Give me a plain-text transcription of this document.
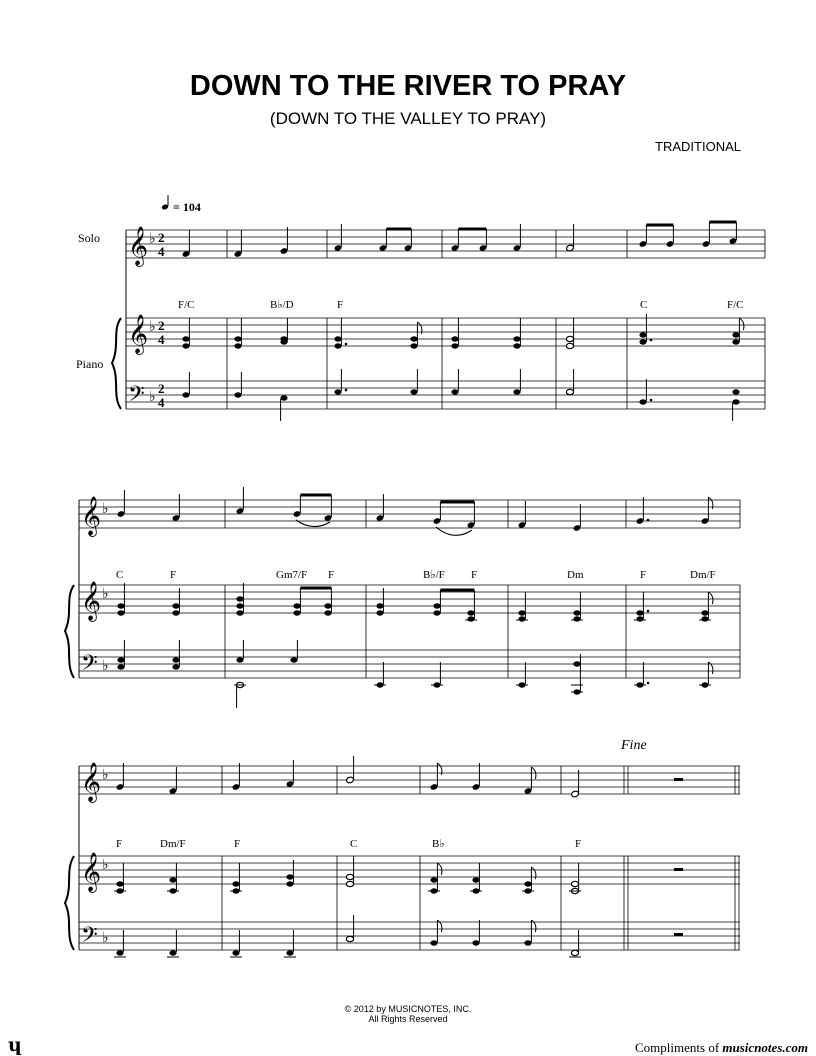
DOWN TO THE RIVER TO PRAY
(DOWN TO THE VALLEY TO PRAY)
TRADITIONAL
= 104
Solo
Piano
𝄞
𝄞
𝄢
♭
♭
♭
2
4
2
4
2
4
F/C	B♭/D	F	C	F/C
𝄞
𝄞
𝄢
♭
♭
♭
C	F	Gm7/F F	B♭/F F	Dm	F	Dm/F
Fine
𝄞
𝄞
𝄢
♭
♭
♭
F	Dm/F	F	C	B♭	F
© 2012 by MUSICNOTES, INC.
All Rights Reserved
ɥ	Compliments of musicnotes.com
